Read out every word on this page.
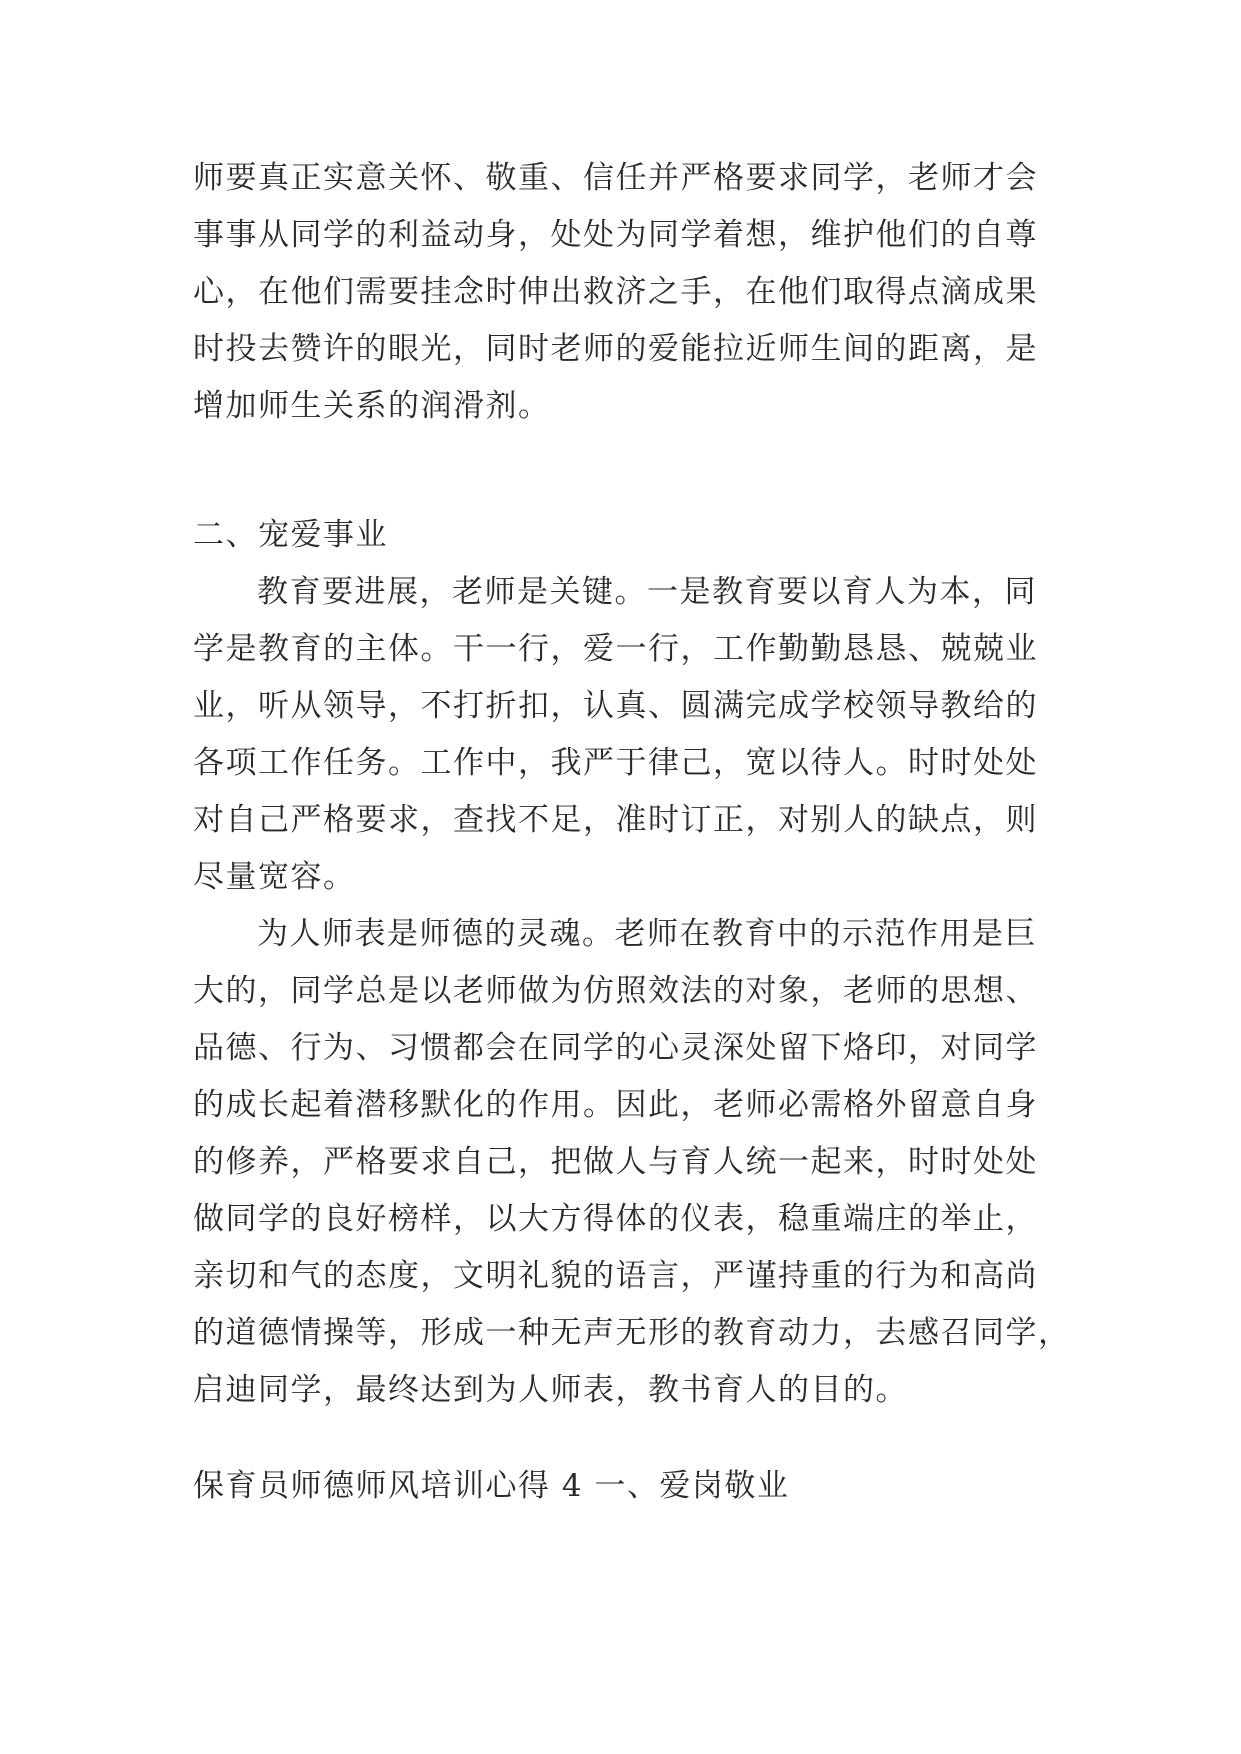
师要真正实意关怀、敬重、信任并严格要求同学，老师才会
事事从同学的利益动身，处处为同学着想，维护他们的自尊
心，在他们需要挂念时伸出救济之手，在他们取得点滴成果
时投去赞许的眼光，同时老师的爱能拉近师生间的距离，是
增加师生关系的润滑剂。
二、宠爱事业
教育要进展，老师是关键。一是教育要以育人为本，同
学是教育的主体。干一行，爱一行，工作勤勤恳恳、兢兢业
业，听从领导，不打折扣，认真、圆满完成学校领导教给的
各项工作任务。工作中，我严于律己，宽以待人。时时处处
对自己严格要求，查找不足，准时订正，对别人的缺点，则
尽量宽容。
为人师表是师德的灵魂。老师在教育中的示范作用是巨
大的，同学总是以老师做为仿照效法的对象，老师的思想、
品德、行为、习惯都会在同学的心灵深处留下烙印，对同学
的成长起着潜移默化的作用。因此，老师必需格外留意自身
的修养，严格要求自己，把做人与育人统一起来，时时处处
做同学的良好榜样，以大方得体的仪表，稳重端庄的举止，
亲切和气的态度，文明礼貌的语言，严谨持重的行为和高尚
的道德情操等，形成一种无声无形的教育动力，去感召同学，
启迪同学，最终达到为人师表，教书育人的目的。
保育员师德师风培训心得 4 一、爱岗敬业
